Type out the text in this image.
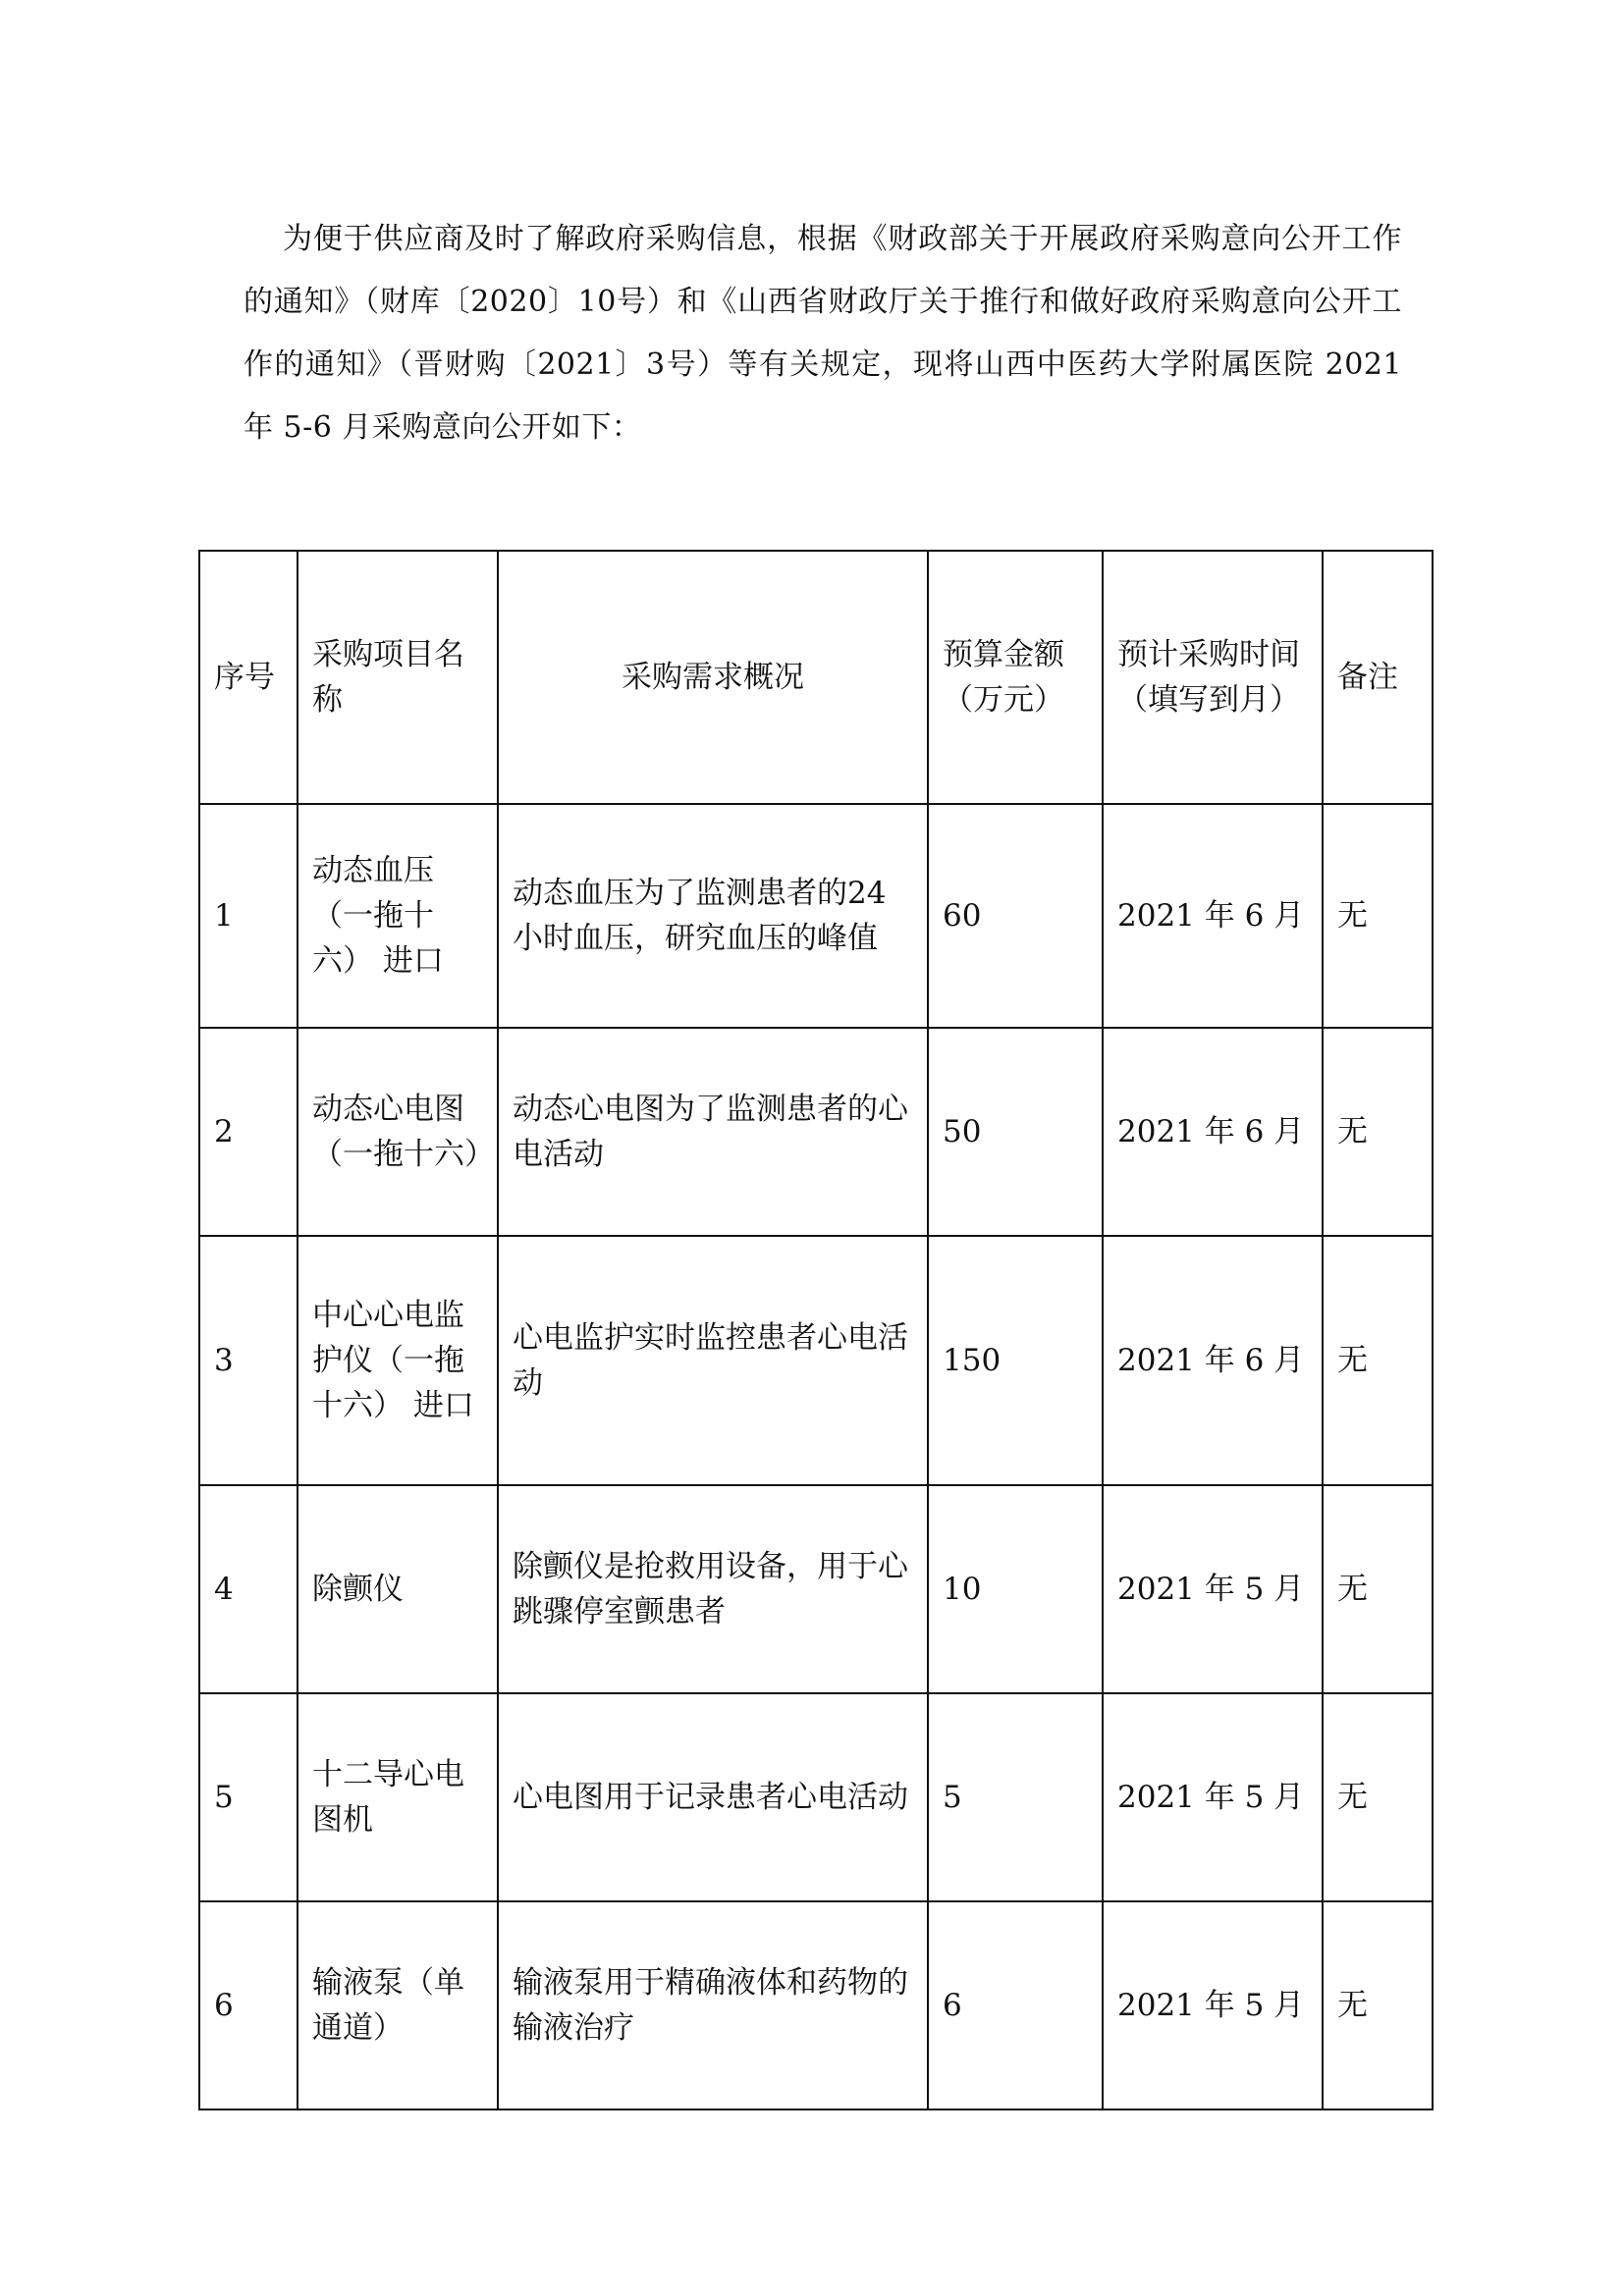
为便于供应商及时了解政府采购信息，根据《财政部关于开展政府采购意向公开工作的通知》（财库〔2020〕10号）和《山西省财政厅关于推行和做好政府采购意向公开工作的通知》（晋财购〔2021〕3号）等有关规定，现将山西中医药大学附属医院 2021 年 5-6 月采购意向公开如下：

序号	采购项目名称	采购需求概况	预算金额（万元）	预计采购时间（填写到月）	备注
1	动态血压（一拖十六） 进口	动态血压为了监测患者的24小时血压，研究血压的峰值	60	2021 年 6 月	无
2	动态心电图（一拖十六）	动态心电图为了监测患者的心电活动	50	2021 年 6 月	无
3	中心心电监护仪（一拖十六） 进口	心电监护实时监控患者心电活动	150	2021 年 6 月	无
4	除颤仪	除颤仪是抢救用设备，用于心跳骤停室颤患者	10	2021 年 5 月	无
5	十二导心电图机	心电图用于记录患者心电活动	5	2021 年 5 月	无
6	输液泵（单通道）	输液泵用于精确液体和药物的输液治疗	6	2021 年 5 月	无
